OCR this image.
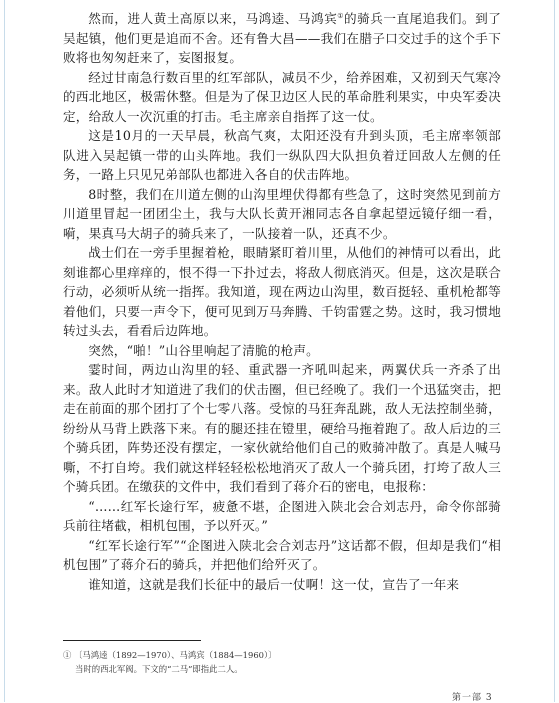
然而，进人黄土高原以来，马鸿逵、马鸿宾①的骑兵一直尾追我们。到了吴起镇，他们更是追而不舍。还有鲁大昌——我们在腊子口交过手的这个手下败将也匆匆赶来了，妄图报复。

经过甘南急行数百里的红军部队，减员不少，给养困难，又初到天气寒冷的西北地区，极需休整。但是为了保卫边区人民的革命胜利果实，中央军委决定，给敌人一次沉重的打击。毛主席亲自指挥了这一仗。

这是10月的一天早晨，秋高气爽，太阳还没有升到头顶，毛主席率领部队进入吴起镇一带的山头阵地。我们一纵队四大队担负着迂回敌人左侧的任务，一路上只见兄弟部队也都进入各自的伏击阵地。

8时整，我们在川道左侧的山沟里埋伏得都有些急了，这时突然见到前方川道里冒起一团团尘土，我与大队长黄开湘同志各自拿起望远镜仔细一看，嗬，果真马大胡子的骑兵来了，一队接着一队，还真不少。

战士们在一旁手里握着枪，眼睛紧盯着川里，从他们的神情可以看出，此刻谁都心里痒痒的，恨不得一下扑过去，将敌人彻底消灭。但是，这次是联合行动，必须听从统一指挥。我知道，现在两边山沟里，数百挺轻、重机枪都等着他们，只要一声令下，便可见到万马奔腾、千钧雷霆之势。这时，我习惯地转过头去，看看后边阵地。

突然，“啪！”山谷里响起了清脆的枪声。

霎时间，两边山沟里的轻、重武器一齐吼叫起来，两翼伏兵一齐杀了出来。敌人此时才知道进了我们的伏击圈，但已经晚了。我们一个迅猛突击，把走在前面的那个团打了个七零八落。受惊的马狂奔乱跳，敌人无法控制坐骑，纷纷从马背上跌落下来。有的腿还挂在镫里，硬给马拖着跑了。敌人后边的三个骑兵团，阵势还没有摆定，一家伙就给他们自己的败骑冲散了。真是人喊马嘶，不打自垮。我们就这样轻轻松松地消灭了敌人一个骑兵团，打垮了敌人三个骑兵团。在缴获的文件中，我们看到了蒋介石的密电，电报称：

“……红军长途行军，疲惫不堪，企图进入陕北会合刘志丹，命令你部骑兵前往堵截，相机包围，予以歼灭。”

“红军长途行军”“企图进入陕北会合刘志丹”这话都不假，但却是我们“相机包围”了蒋介石的骑兵，并把他们给歼灭了。

谁知道，这就是我们长征中的最后一仗啊！这一仗，宣告了一年来

① 〔马鸿逵（1892—1970）、马鸿宾（1884—1960）〕
当时的西北军阀。下文的“二马”即指此二人。
第一部 3
